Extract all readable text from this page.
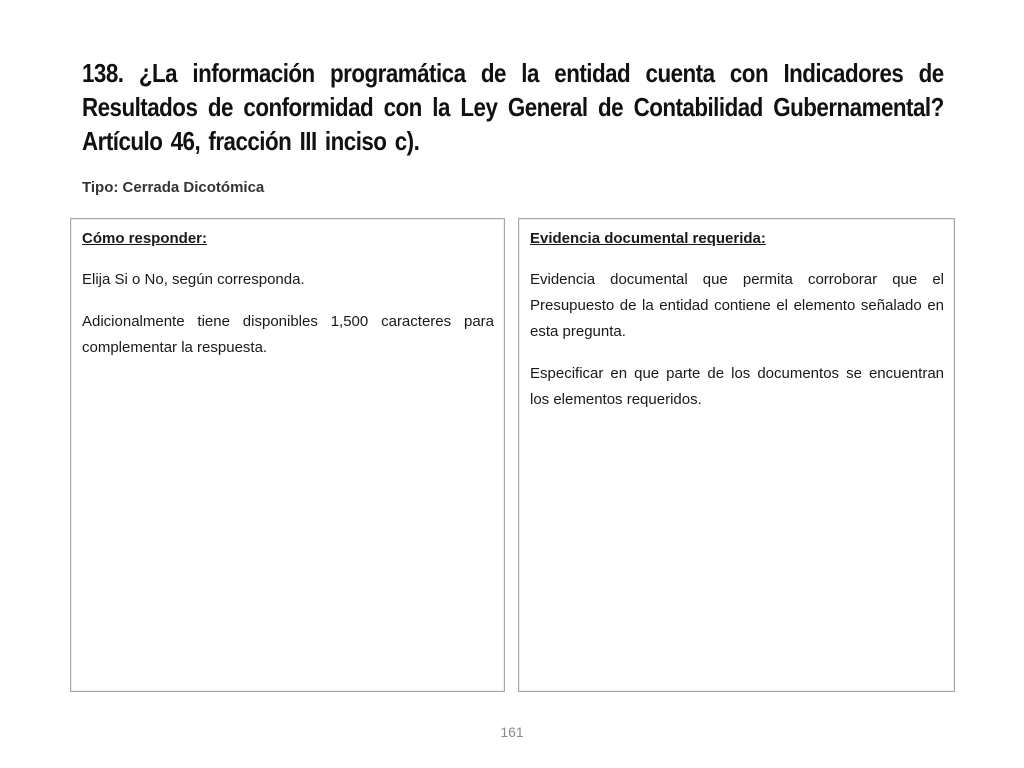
138. ¿La información programática de la entidad cuenta con Indicadores de Resultados de conformidad con la Ley General de Contabilidad Gubernamental? Artículo 46, fracción III inciso c).
Tipo: Cerrada Dicotómica
Cómo responder:

Elija Si o No, según corresponda.

Adicionalmente tiene disponibles 1,500 caracteres para complementar la respuesta.

Evidencia documental requerida:

Evidencia documental que permita corroborar que el Presupuesto de la entidad contiene el elemento señalado en esta pregunta.

Especificar en que parte de los documentos se encuentran los elementos requeridos.

161
